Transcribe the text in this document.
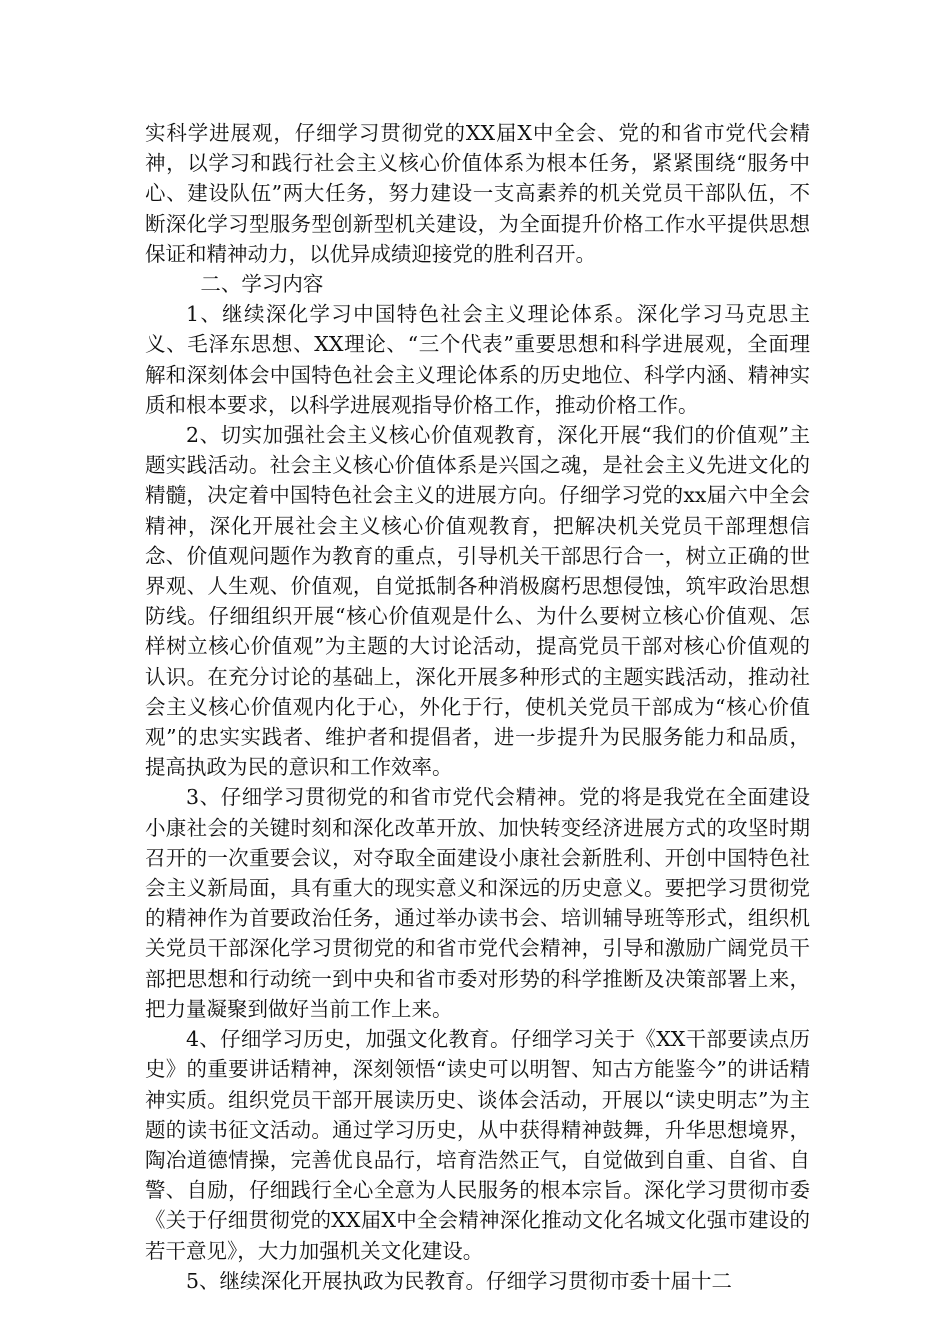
实科学进展观，仔细学习贯彻党的XX届X中全会、党的和省市党代会精神，以学习和践行社会主义核心价值体系为根本任务，紧紧围绕“服务中心、建设队伍”两大任务，努力建设一支高素养的机关党员干部队伍，不断深化学习型服务型创新型机关建设，为全面提升价格工作水平提供思想保证和精神动力，以优异成绩迎接党的胜利召开。

二、学习内容

1、继续深化学习中国特色社会主义理论体系。深化学习马克思主义、毛泽东思想、XX理论、“三个代表”重要思想和科学进展观，全面理解和深刻体会中国特色社会主义理论体系的历史地位、科学内涵、精神实质和根本要求，以科学进展观指导价格工作，推动价格工作。

2、切实加强社会主义核心价值观教育，深化开展“我们的价值观”主题实践活动。社会主义核心价值体系是兴国之魂，是社会主义先进文化的精髓，决定着中国特色社会主义的进展方向。仔细学习党的xx届六中全会精神，深化开展社会主义核心价值观教育，把解决机关党员干部理想信念、价值观问题作为教育的重点，引导机关干部思行合一，树立正确的世界观、人生观、价值观，自觉抵制各种消极腐朽思想侵蚀，筑牢政治思想防线。仔细组织开展“核心价值观是什么、为什么要树立核心价值观、怎样树立核心价值观”为主题的大讨论活动，提高党员干部对核心价值观的认识。在充分讨论的基础上，深化开展多种形式的主题实践活动，推动社会主义核心价值观内化于心，外化于行，使机关党员干部成为“核心价值观”的忠实实践者、维护者和提倡者，进一步提升为民服务能力和品质，提高执政为民的意识和工作效率。

3、仔细学习贯彻党的和省市党代会精神。党的将是我党在全面建设小康社会的关键时刻和深化改革开放、加快转变经济进展方式的攻坚时期召开的一次重要会议，对夺取全面建设小康社会新胜利、开创中国特色社会主义新局面，具有重大的现实意义和深远的历史意义。要把学习贯彻党的精神作为首要政治任务，通过举办读书会、培训辅导班等形式，组织机关党员干部深化学习贯彻党的和省市党代会精神，引导和激励广阔党员干部把思想和行动统一到中央和省市委对形势的科学推断及决策部署上来，把力量凝聚到做好当前工作上来。

4、仔细学习历史，加强文化教育。仔细学习关于《XX干部要读点历史》的重要讲话精神，深刻领悟“读史可以明智、知古方能鉴今”的讲话精神实质。组织党员干部开展读历史、谈体会活动，开展以“读史明志”为主题的读书征文活动。通过学习历史，从中获得精神鼓舞，升华思想境界，陶冶道德情操，完善优良品行，培育浩然正气，自觉做到自重、自省、自警、自励，仔细践行全心全意为人民服务的根本宗旨。深化学习贯彻市委《关于仔细贯彻党的XX届X中全会精神深化推动文化名城文化强市建设的若干意见》，大力加强机关文化建设。

5、继续深化开展执政为民教育。仔细学习贯彻市委十届十二
